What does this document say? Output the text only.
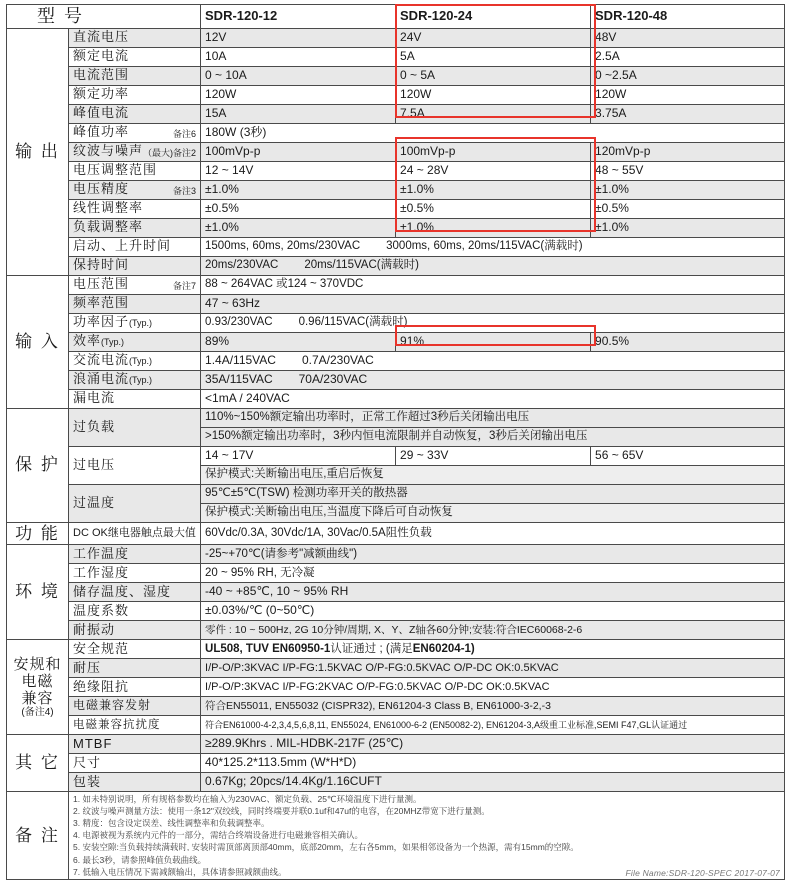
型 号		SDR-120-12	SDR-120-24	SDR-120-48
输 出	直流电压	12V	24V	48V
	额定电流	10A	5A	2.5A
	电流范围	0 ~ 10A	0 ~ 5A	0 ~2.5A
	额定功率	120W	120W	120W
	峰值电流	15A	7.5A	3.75A
	峰值功率 备注6	180W (3秒)		
	纹波与噪声 （最大)备注2	100mVp-p	100mVp-p	120mVp-p
	电压调整范围	12 ~ 14V	24 ~ 28V	48 ~ 55V
	电压精度 备注3	±1.0%	±1.0%	±1.0%
	线性调整率	±0.5%	±0.5%	±0.5%
	负载调整率	±1.0%	±1.0%	±1.0%
	启动、上升时间	1500ms, 60ms, 20ms/230VAC 3000ms, 60ms, 20ms/115VAC(满载时)		
	保持时间	20ms/230VAC 20ms/115VAC(满载时)		
输 入	电压范围 备注7	88 ~ 264VAC 或124 ~ 370VDC		
	频率范围	47 ~ 63Hz		
	功率因子(Typ.)	0.93/230VAC 0.96/115VAC(满载时)		
	效率(Typ.)	89%	91%	90.5%
	交流电流(Typ.)	1.4A/115VAC 0.7A/230VAC		
	浪涌电流(Typ.)	35A/115VAC 70A/230VAC		
	漏电流	<1mA / 240VAC		
保 护	过负载	110%~150%额定输出功率时，正常工作超过3秒后关闭输出电压		
		>150%额定输出功率时，3秒内恒电流限制并自动恢复，3秒后关闭输出电压		
	过电压	14 ~ 17V	29 ~ 33V	56 ~ 65V
		保护模式:关断输出电压,重启后恢复		
	过温度	95℃±5℃(TSW) 检测功率开关的散热器		
		保护模式:关断输出电压,当温度下降后可自动恢复		
功 能	DC OK继电器触点最大值	60Vdc/0.3A, 30Vdc/1A, 30Vac/0.5A阻性负载		
环 境	工作温度	-25~+70℃(请参考"减额曲线")		
	工作湿度	20 ~ 95% RH, 无冷凝		
	储存温度、湿度	-40 ~ +85℃, 10 ~ 95% RH		
	温度系数	±0.03%/℃ (0~50℃)		
	耐振动	零件 : 10 ~ 500Hz, 2G 10分钟/周期, X、Y、Z轴各60分钟;安装:符合IEC60068-2-6		
安规和
电磁
兼容
(备注4)	安全规范	UL508, TUV EN60950-1认证通过 ; (满足EN60204-1)		
	耐压	I/P-O/P:3KVAC I/P-FG:1.5KVAC O/P-FG:0.5KVAC O/P-DC OK:0.5KVAC		
	绝缘阻抗	I/P-O/P:3KVAC I/P-FG:2KVAC O/P-FG:0.5KVAC O/P-DC OK:0.5KVAC		
	电磁兼容发射	符合EN55011, EN55032 (CISPR32), EN61204-3 Class B, EN61000-3-2,-3		
	电磁兼容抗扰度	符合EN61000-4-2,3,4,5,6,8,11, EN55024, EN61000-6-2 (EN50082-2), EN61204-3,A级重工业标准,SEMI F47,GL认证通过		
其 它	MTBF	≥289.9Khrs . MIL-HDBK-217F (25℃)		
	尺寸	40*125.2*113.5mm (W*H*D)		
	包装	0.67Kg; 20pcs/14.4Kg/1.16CUFT		
备 注	
1. 如未特别说明，所有规格参数均在输入为230VAC、额定负载、25℃环境温度下进行量测。
2. 纹波与噪声测量方法：使用一条12"双绞线，同时终端要并联0.1uf和47uf的电容，在20MHZ带宽下进行量测。
3. 精度：包含设定误差、线性调整率和负载调整率。
4. 电源被视为系统内元件的一部分，需结合终端设备进行电磁兼容相关确认。
5. 安装空隙:当负载持续满载时, 安装时需顶部离顶部40mm，底部20mm，左右各5mm，如果相邻设备为一个热源，需有15mm的空隙。
6. 最长3秒，请参照峰值负载曲线。
7. 低输入电压情况下需减额输出，具体请参照减额曲线。	File Name:SDR-120-SPEC 2017-07-07
